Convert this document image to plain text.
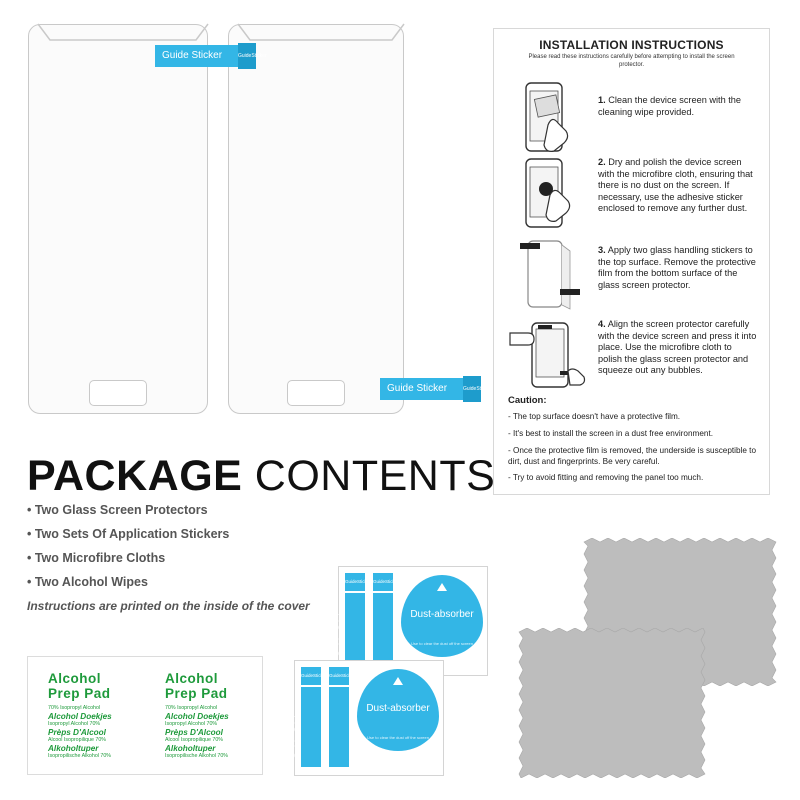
Guide Sticker	GuideSticker
Guide Sticker	GuideSticker
INSTALLATION INSTRUCTIONS
Please read these instructions carefully before attempting to install the screen protector.
1. Clean the device screen with the cleaning wipe provided.
2. Dry and polish the device screen with the microfibre cloth, ensuring that there is no dust on the screen. If necessary, use the adhesive sticker enclosed to remove any further dust.
3. Apply two glass handling stickers to the top surface. Remove the protective film from the bottom surface of the glass screen protector.
4. Align the screen protector carefully with the device screen and press it into place. Use the microfibre cloth to polish the glass screen protector and squeeze out any bubbles.
Caution:
- The top surface doesn't have a protective film.
- It's best to install the screen in a dust free environment.
- Once the protective film is removed, the underside is susceptible to dirt, dust and fingerprints. Be very careful.
- Try to avoid fitting and removing the panel too much.
PACKAGE CONTENTS
• Two Glass Screen Protectors
• Two Sets Of Application Stickers
• Two Microfibre Cloths
• Two Alcohol Wipes
Instructions are printed on the inside of the cover
Alcohol
Prep Pad
70% Isopropyl Alcohol
Alcohol Doekjes
Isopropyl Alcohol 70%
Prèps D'Alcool
Alcool Isopropilique 70%
Alkoholtuper
Isopropilische Alkohol 70%
Alcohol
Prep Pad
70% Isopropyl Alcohol
Alcohol Doekjes
Isopropyl Alcohol 70%
Prèps D'Alcool
Alcool Isopropilique 70%
Alkoholtuper
Isopropilische Alkohol 70%
GuideSticker
Guide Sticker
GuideSticker
Guide Sticker	Dust-absorber
Use to clear the dust off the screen
GuideSticker
Guide Sticker
GuideSticker
Guide Sticker	Dust-absorber
Use to clear the dust off the screen
